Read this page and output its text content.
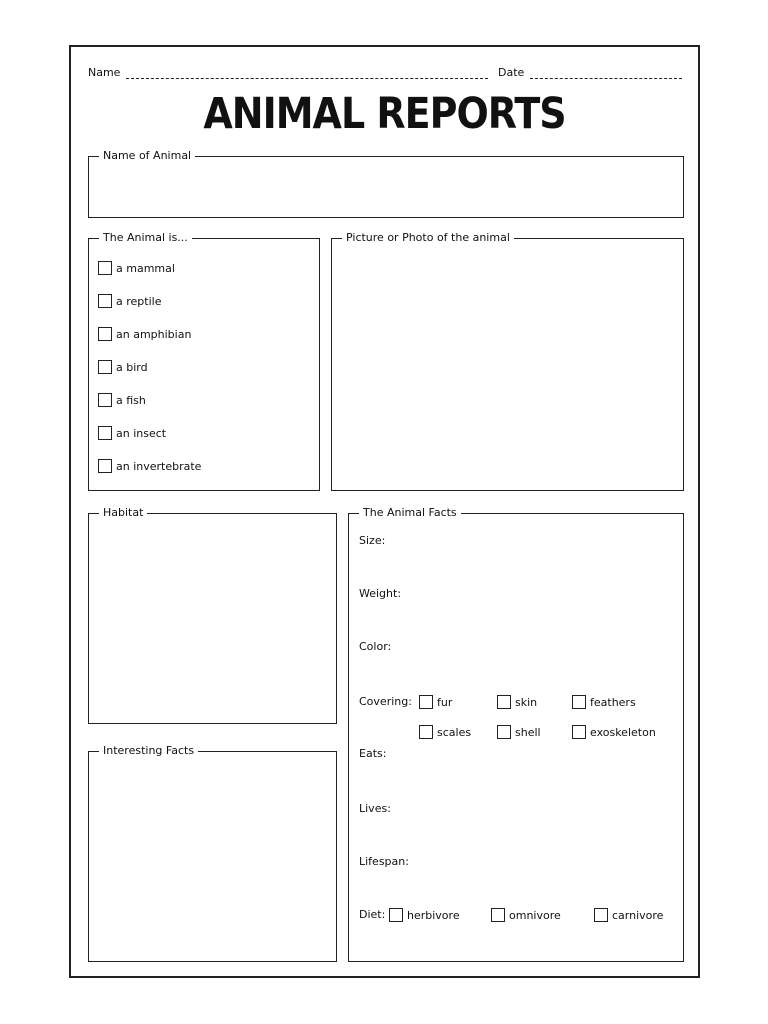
Name	Date
ANIMAL REPORTS
Name of Animal
The Animal is...
a mammal
a reptile
an amphibian
a bird
a fish
an insect
an invertebrate
Picture or Photo of the animal
Habitat
Interesting Facts
The Animal Facts
Size:
Weight:
Color:
Covering: fur	skin	feathers
scales	shell	exoskeleton
Eats:
Lives:
Lifespan:
Diet: herbivore	omnivore	carnivore
